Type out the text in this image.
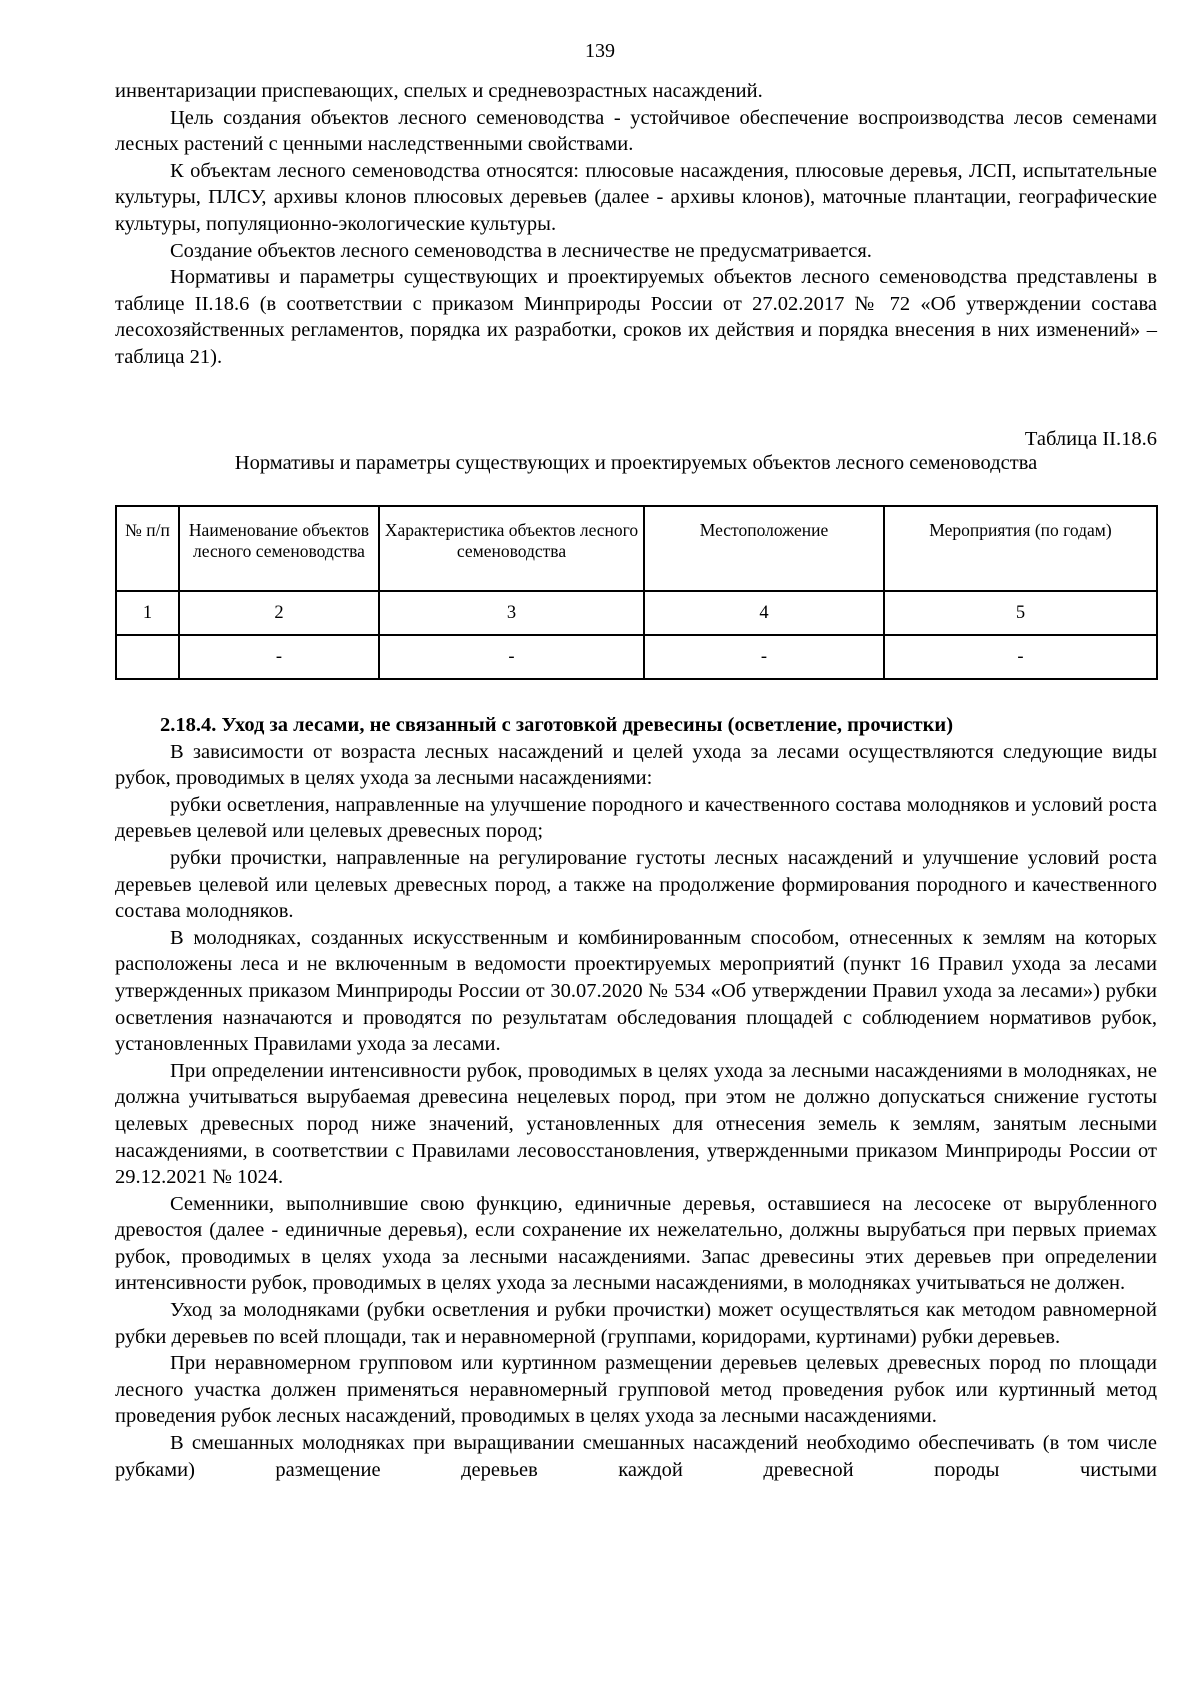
139

инвентаризации приспевающих, спелых и средневозрастных насаждений.

Цель создания объектов лесного семеноводства - устойчивое обеспечение воспроизводства лесов семенами лесных растений с ценными наследственными свойствами.

К объектам лесного семеноводства относятся: плюсовые насаждения, плюсовые деревья, ЛСП, испытательные культуры, ПЛСУ, архивы клонов плюсовых деревьев (далее - архивы клонов), маточные плантации, географические культуры, популяционно-экологические культуры.

Создание объектов лесного семеноводства в лесничестве не предусматривается.

Нормативы и параметры существующих и проектируемых объектов лесного семеноводства представлены в таблице II.18.6 (в соответствии с приказом Минприроды России от 27.02.2017 № 72 «Об утверждении состава лесохозяйственных регламентов, порядка их разработки, сроков их действия и порядка внесения в них изменений» – таблица 21).

Таблица II.18.6
Нормативы и параметры существующих и проектируемых объектов лесного семеноводства
№ п/п	Наименование объектов лесного семеноводства	Характеристика объектов лесного семеноводства	Местоположение	Мероприятия (по годам)
1	2	3	4	5
	-	-	-	-
2.18.4. Уход за лесами, не связанный с заготовкой древесины (осветление, прочистки)

В зависимости от возраста лесных насаждений и целей ухода за лесами осуществляются следующие виды рубок, проводимых в целях ухода за лесными насаждениями:

рубки осветления, направленные на улучшение породного и качественного состава молодняков и условий роста деревьев целевой или целевых древесных пород;

рубки прочистки, направленные на регулирование густоты лесных насаждений и улучшение условий роста деревьев целевой или целевых древесных пород, а также на продолжение формирования породного и качественного состава молодняков.

В молодняках, созданных искусственным и комбинированным способом, отнесенных к землям на которых расположены леса и не включенным в ведомости проектируемых мероприятий (пункт 16 Правил ухода за лесами утвержденных приказом Минприроды России от 30.07.2020 № 534 «Об утверждении Правил ухода за лесами») рубки осветления назначаются и проводятся по результатам обследования площадей с соблюдением нормативов рубок, установленных Правилами ухода за лесами.

При определении интенсивности рубок, проводимых в целях ухода за лесными насаждениями в молодняках, не должна учитываться вырубаемая древесина нецелевых пород, при этом не должно допускаться снижение густоты целевых древесных пород ниже значений, установленных для отнесения земель к землям, занятым лесными насаждениями, в соответствии с Правилами лесовосстановления, утвержденными приказом Минприроды России от 29.12.2021 № 1024.

Семенники, выполнившие свою функцию, единичные деревья, оставшиеся на лесосеке от вырубленного древостоя (далее - единичные деревья), если сохранение их нежелательно, должны вырубаться при первых приемах рубок, проводимых в целях ухода за лесными насаждениями. Запас древесины этих деревьев при определении интенсивности рубок, проводимых в целях ухода за лесными насаждениями, в молодняках учитываться не должен.

Уход за молодняками (рубки осветления и рубки прочистки) может осуществляться как методом равномерной рубки деревьев по всей площади, так и неравномерной (группами, коридорами, куртинами) рубки деревьев.

При неравномерном групповом или куртинном размещении деревьев целевых древесных пород по площади лесного участка должен применяться неравномерный групповой метод проведения рубок или куртинный метод проведения рубок лесных насаждений, проводимых в целях ухода за лесными насаждениями.

В смешанных молодняках при выращивании смешанных насаждений необходимо обеспечивать (в том числе рубками) размещение деревьев каждой древесной породы чистыми
